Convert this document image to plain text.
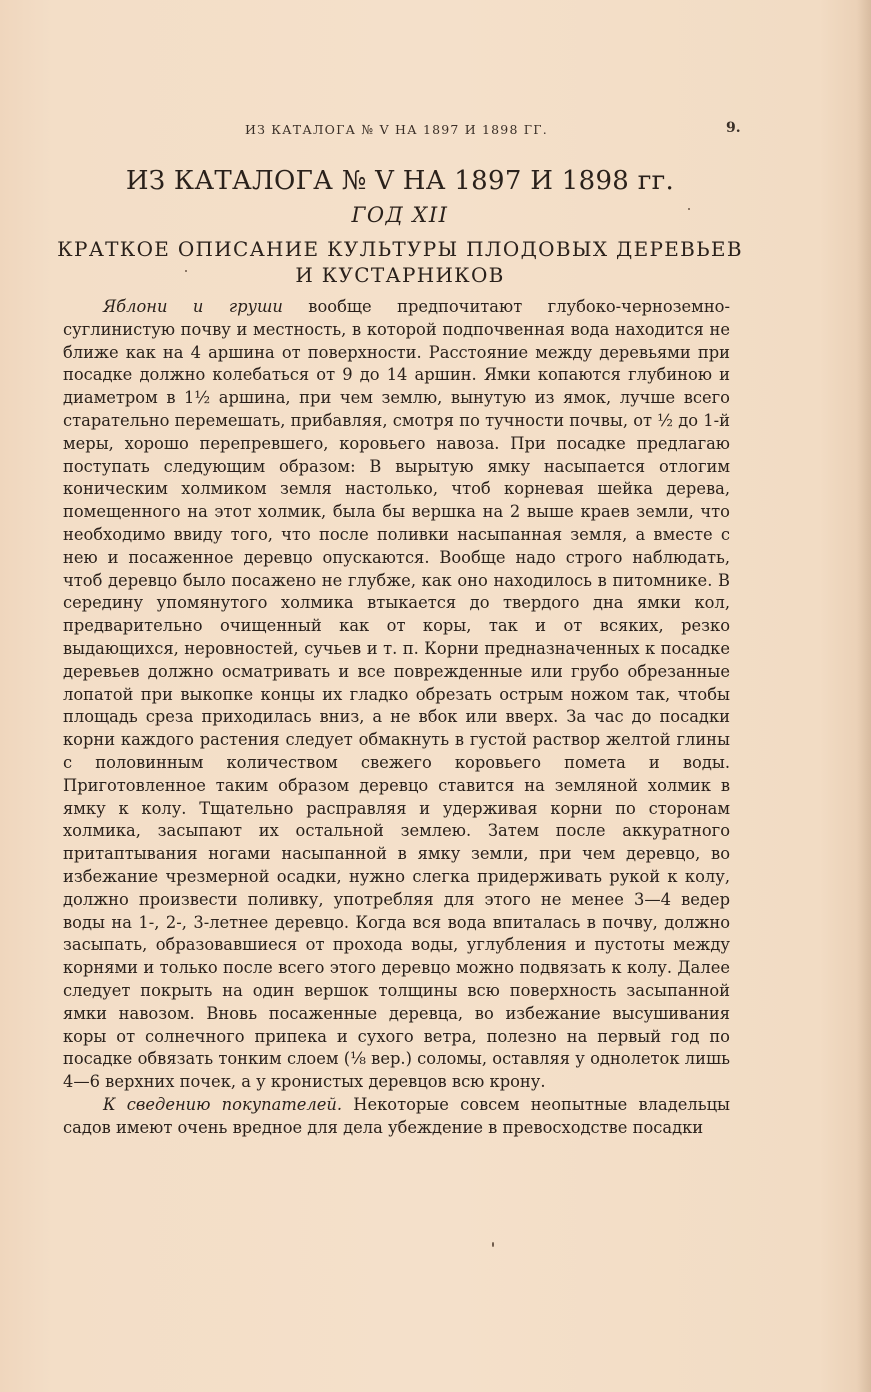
ИЗ КАТАЛОГА № V НА 1897 И 1898 ГГ.	9.
ИЗ КАТАЛОГА № V НА 1897 И 1898 гг.
ГОД XII
КРАТКОЕ ОПИСАНИЕ КУЛЬТУРЫ ПЛОДОВЫХ ДЕРЕВЬЕВ
И КУСТАРНИКОВ

Яблони и груши вообще предпочитают глубоко-черноземно-суглинистую почву и местность, в которой подпочвенная вода находится не ближе как на 4 аршина от поверхности. Расстояние между деревьями при посадке должно колебаться от 9 до 14 аршин. Ямки копаются глубиною и диаметром в 1½ аршина, при чем землю, вынутую из ямок, лучше всего старательно перемешать, прибавляя, смотря по тучности почвы, от ½ до 1-й меры, хорошо перепревшего, коровьего навоза. При посадке предлагаю поступать следующим образом: В вырытую ямку насыпается отлогим коническим холмиком земля настолько, чтоб корневая шейка дерева, помещенного на этот холмик, была бы вершка на 2 выше краев земли, что необходимо ввиду того, что после поливки насыпанная земля, а вместе с нею и посаженное деревцо опускаются. Вообще надо строго наблюдать, чтоб деревцо было посажено не глубже, как оно находилось в питомнике. В середину упомянутого холмика втыкается до твердого дна ямки кол, предварительно очищенный как от коры, так и от всяких, резко выдающихся, неровностей, сучьев и т. п. Корни предназначенных к посадке деревьев должно осматривать и все поврежденные или грубо обрезанные лопатой при выкопке концы их гладко обрезать острым ножом так, чтобы площадь среза приходилась вниз, а не вбок или вверх. За час до посадки корни каждого растения следует обмакнуть в густой раствор желтой глины с половинным количеством свежего коровьего помета и воды. Приготовленное таким образом деревцо ставится на земляной холмик в ямку к колу. Тщательно расправляя и удерживая корни по сторонам холмика, засыпают их остальной землею. Затем после аккуратного притаптывания ногами насыпанной в ямку земли, при чем деревцо, во избежание чрезмерной осадки, нужно слегка придерживать рукой к колу, должно произвести поливку, употребляя для этого не менее 3—4 ведер воды на 1-, 2-, 3-летнее деревцо. Когда вся вода впиталась в почву, должно засыпать, образовавшиеся от прохода воды, углубления и пустоты между корнями и только после всего этого деревцо можно подвязать к колу. Далее следует покрыть на один вершок толщины всю поверхность засыпанной ямки навозом. Вновь посаженные деревца, во избежание высушивания коры от солнечного припека и сухого ветра, полезно на первый год по посадке обвязать тонким слоем (⅛ вер.) соломы, оставляя у однолеток лишь 4—6 верхних почек, а у кронистых деревцов всю крону.

К сведению покупателей. Некоторые совсем неопытные владельцы садов имеют очень вредное для дела убеждение в превосходстве посадки
